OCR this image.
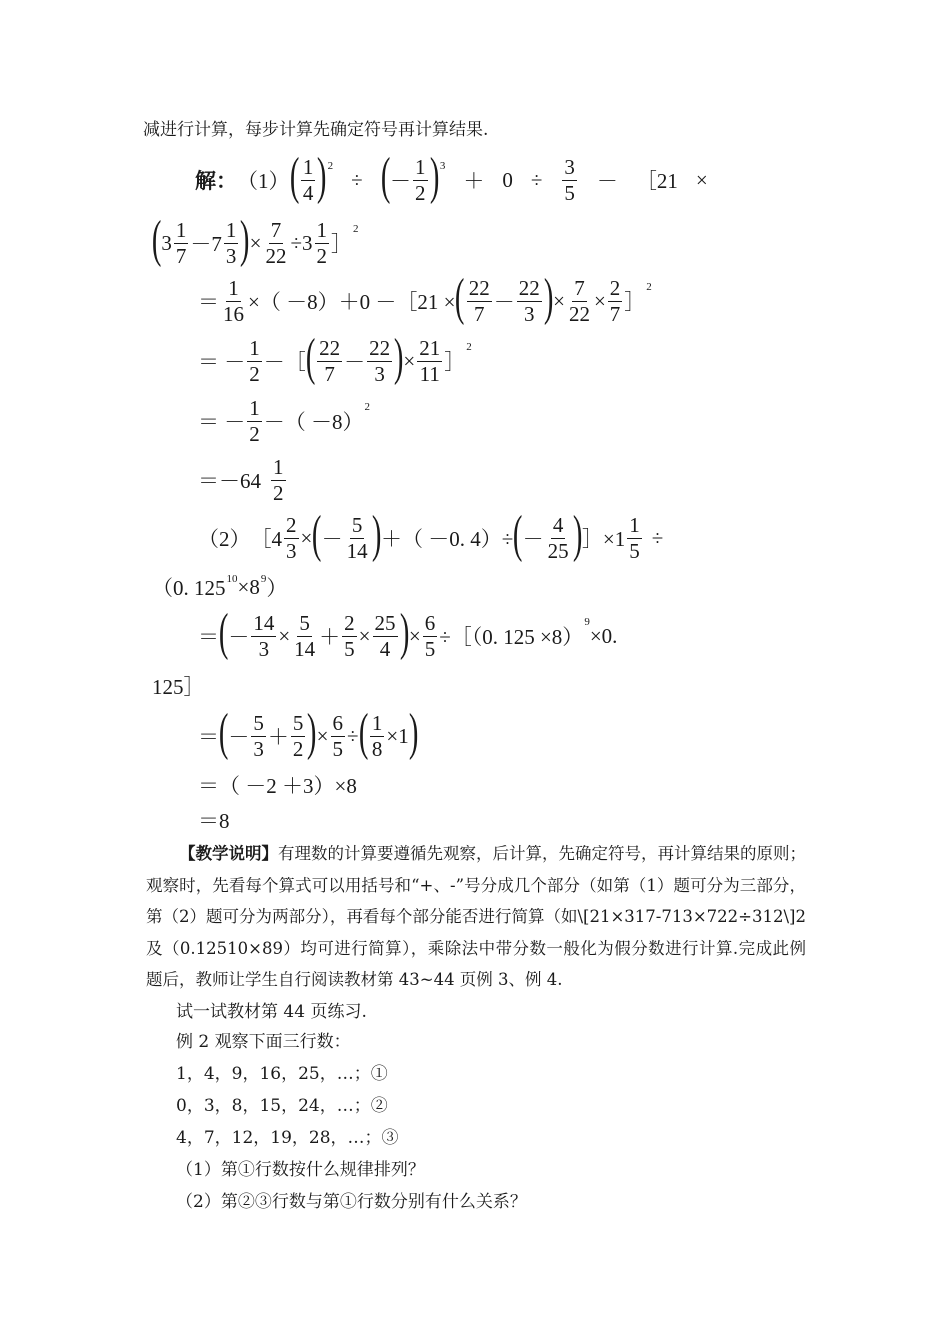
减进行计算，每步计算先确定符号再计算结果.
解： （1） ( $\frac{1}{4}$ ) 2
÷ ( － $\frac{1}{2}$ ) 3
＋ $0 \div \frac{3}{5}$ － ［21 ×
( $3 \frac{1}{7} -7 \frac{1}{3}$ ) × $\frac{7}{22} \div 3 \frac{1}{2}$ ］
2
＝ $\frac{1}{16}$ ×（ －8）＋0 －［21 × ( $\frac{22}{7} - \frac{22}{3}$ ) × $\frac{7}{22} \times \frac{2}{7}$ ］
2
＝ － $\frac{1}{2}$ －［ ( $\frac{22}{7} - \frac{22}{3}$ ) × $\frac{21}{11}$ ］
2
＝ － $\frac{1}{2}$ －（ －8）
2
＝ $-64 \frac{1}{2}$
（2） ［4 $\frac{2}{3}$ × ( － $\frac{5}{14}$ ) ＋（ －0. 4）÷ ( － $\frac{4}{25}$ ) ］×1 $\frac{1}{5}$ ÷
（0. 125 10 ×8 9 ）
＝ ( － $\frac{14}{3} \times \frac{5}{14} + \frac{2}{5} \times \frac{25}{4}$ ) × $\frac{6}{5}$ ÷［（0. 125 ×8）
9
×0.
125］
＝ ( － $\frac{5}{3} + \frac{5}{2}$ ) × $\frac{6}{5}$ ÷ ( $\frac{1}{8} \times 1$ )
＝（ －2 ＋3）×8
＝8
【教学说明】有理数的计算要遵循先观察，后计算，先确定符号，再计算结果的原则；观察时，先看每个算式可以用括号和“+、-”号分成几个部分（如第（1）题可分为三部分，第（2）题可分为两部分），再看每个部分能否进行简算（如\[21×317-713×722÷312\]2及（0.12510×89）均可进行简算），乘除法中带分数一般化为假分数进行计算.完成此例题后，教师让学生自行阅读教材第 43~44 页例 3、例 4.
试一试教材第 44 页练习.
例 2 观察下面三行数：
1，4，9，16，25，…；①
0，3，8，15，24，…；②
4，7，12，19，28，…；③
（1）第①行数按什么规律排列？
（2）第②③行数与第①行数分别有什么关系？
